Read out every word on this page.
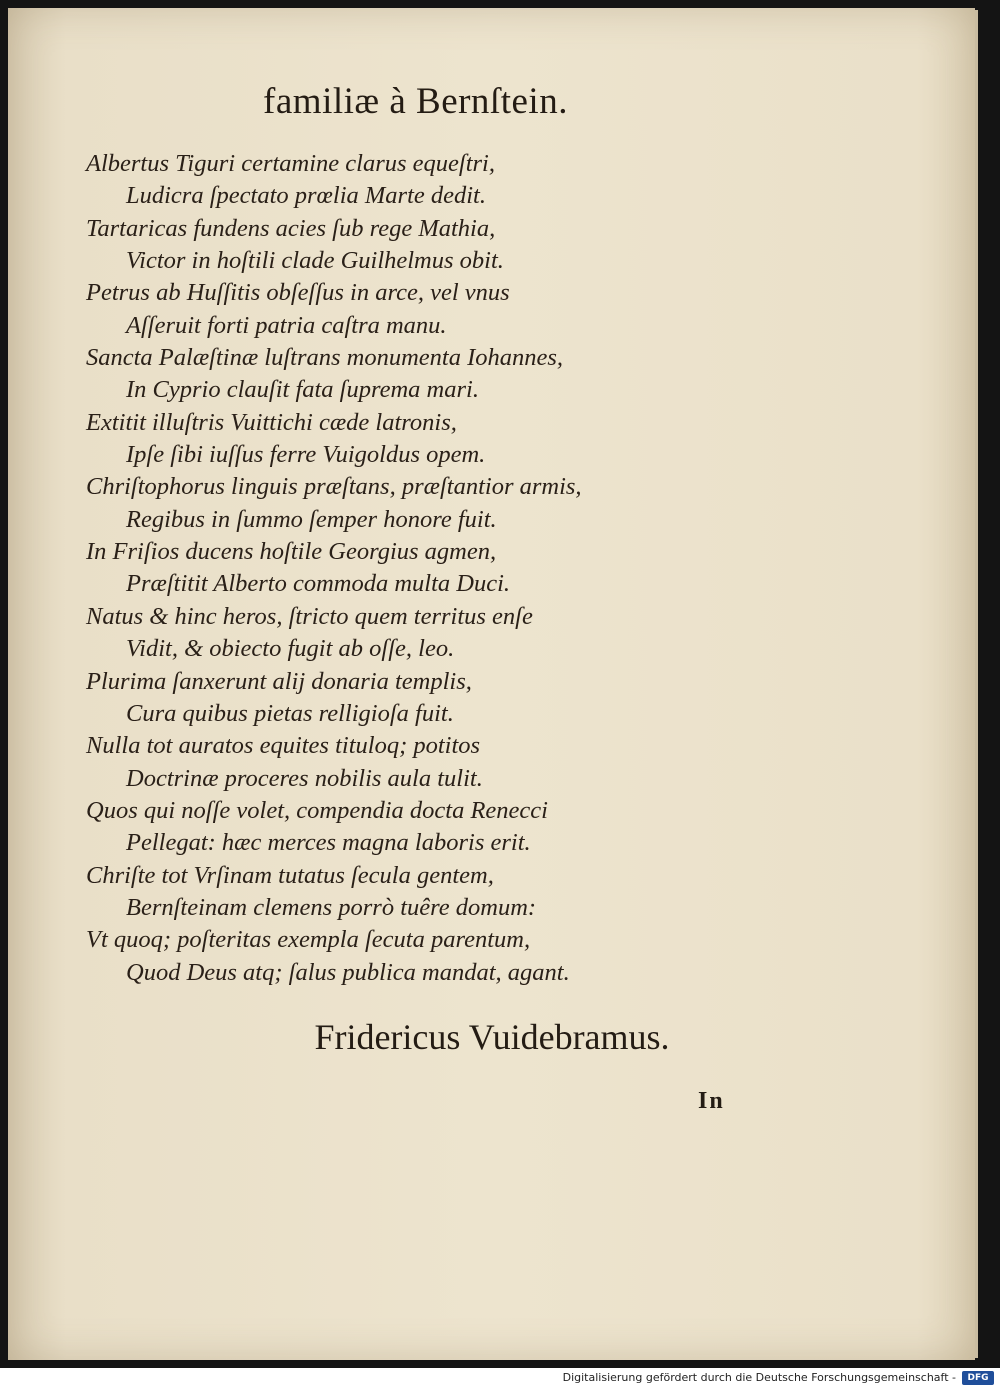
familiæ à Bernſtein.
Albertus Tiguri certamine clarus equeſtri,
Ludicra ſpectato prœlia Marte dedit.
Tartaricas fundens acies ſub rege Mathia,
Victor in hoſtili clade Guilhelmus obit.
Petrus ab Huſſitis obſeſſus in arce, vel vnus
Aſſeruit forti patria caſtra manu.
Sancta Palæſtinæ luſtrans monumenta Iohannes,
In Cyprio clauſit fata ſuprema mari.
Extitit illuſtris Vuittichi cæde latronis,
Ipſe ſibi iuſſus ferre Vuigoldus opem.
Chriſtophorus linguis præſtans, præſtantior armis,
Regibus in ſummo ſemper honore fuit.
In Friſios ducens hoſtile Georgius agmen,
Præſtitit Alberto commoda multa Duci.
Natus & hinc heros, ſtricto quem territus enſe
Vidit, & obiecto fugit ab oſſe, leo.
Plurima ſanxerunt alij donaria templis,
Cura quibus pietas relligioſa fuit.
Nulla tot auratos equites tituloq; potitos
Doctrinæ proceres nobilis aula tulit.
Quos qui noſſe volet, compendia docta Renecci
Pellegat: hæc merces magna laboris erit.
Chriſte tot Vrſinam tutatus ſecula gentem,
Bernſteinam clemens porrò tuêre domum:
Vt quoq; poſteritas exempla ſecuta parentum,
Quod Deus atq; ſalus publica mandat, agant.
Fridericus Vuidebramus.
In
Digitalisierung gefördert durch die Deutsche Forschungsgemeinschaft -	DFG
